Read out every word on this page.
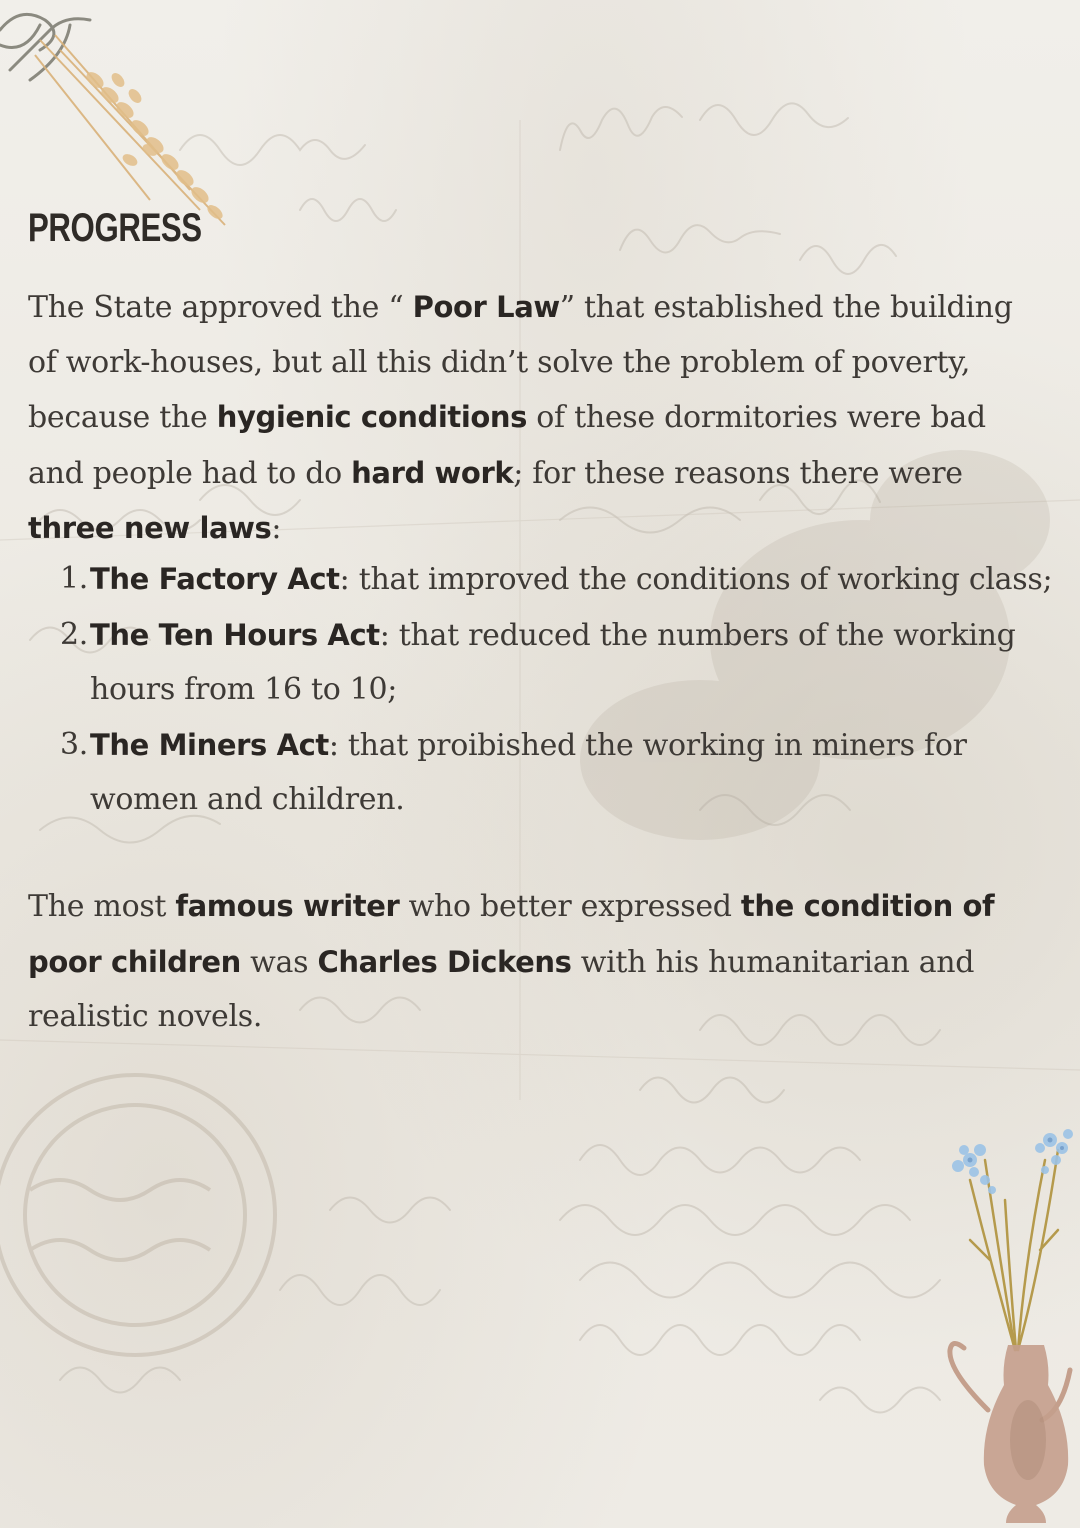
PROGRESS

The State approved the “ Poor Law” that established the building of work-houses, but all this didn’t solve the problem of poverty, because the hygienic conditions of these dormitories were bad and people had to do hard work; for these reasons there were three new laws:

1. The Factory Act: that improved the conditions of working class;
2. The Ten Hours Act: that reduced the numbers of the working
hours from 16 to 10;
3. The Miners Act: that proibished the working in miners for
women and children.

The most famous writer who better expressed the condition of poor children was Charles Dickens with his humanitarian and realistic novels.
